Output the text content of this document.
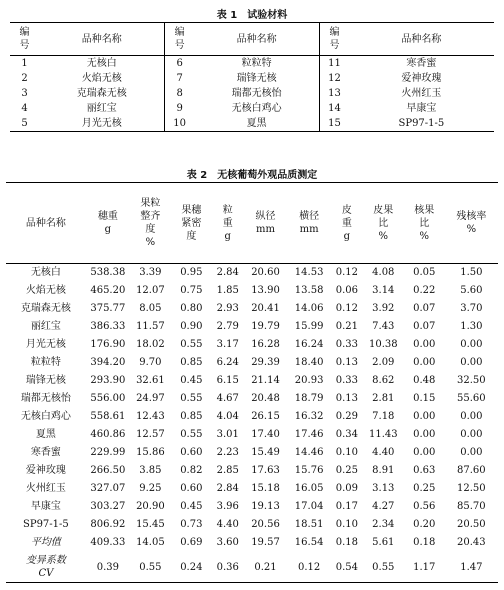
表 1　试验材料
编
号	品种名称	编
号	品种名称	编
号	品种名称
1	无核白	6	粒粒特	11	寒香蜜
2	火焰无核	7	瑞锋无核	12	爱神玫瑰
3	克瑞森无核	8	瑞都无核怡	13	火州红玉
4	丽红宝	9	无核白鸡心	14	早康宝
5	月光无核	10	夏黑	15	SP97-1-5
表 2　无核葡萄外观品质测定
品种名称	穗重
g	果粒
整齐
度
%	果穗
紧密
度	粒
重
g	纵径
mm	横径
mm	皮
重
g	皮果
比
%	核果
比
%	残核率
%

无核白	538.38	3.39	0.95	2.84	20.60	14.53	0.12	4.08	0.05	1.50
火焰无核	465.20	12.07	0.75	1.85	13.90	13.58	0.06	3.14	0.22	5.60
克瑞森无核	375.77	8.05	0.80	2.93	20.41	14.06	0.12	3.92	0.07	3.70
丽红宝	386.33	11.57	0.90	2.79	19.79	15.99	0.21	7.43	0.07	1.30
月光无核	176.90	18.02	0.55	3.17	16.28	16.24	0.33	10.38	0.00	0.00
粒粒特	394.20	9.70	0.85	6.24	29.39	18.40	0.13	2.09	0.00	0.00
瑞锋无核	293.90	32.61	0.45	6.15	21.14	20.93	0.33	8.62	0.48	32.50
瑞都无核怡	556.00	24.97	0.55	4.67	20.48	18.79	0.13	2.81	0.15	55.60
无核白鸡心	558.61	12.43	0.85	4.04	26.15	16.32	0.29	7.18	0.00	0.00
夏黑	460.86	12.57	0.55	3.01	17.40	17.46	0.34	11.43	0.00	0.00
寒香蜜	229.99	15.86	0.60	2.23	15.49	14.46	0.10	4.40	0.00	0.00
爱神玫瑰	266.50	3.85	0.82	2.85	17.63	15.76	0.25	8.91	0.63	87.60
火州红玉	327.07	9.25	0.60	2.84	15.18	16.05	0.09	3.13	0.25	12.50
早康宝	303.27	20.90	0.45	3.96	19.13	17.04	0.17	4.27	0.56	85.70
SP97-1-5	806.92	15.45	0.73	4.40	20.56	18.51	0.10	2.34	0.20	20.50
平均值	409.33	14.05	0.69	3.60	19.57	16.54	0.18	5.61	0.18	20.43

变异系数
CV	0.39	0.55	0.24	0.36	0.21	0.12	0.54	0.55	1.17	1.47
